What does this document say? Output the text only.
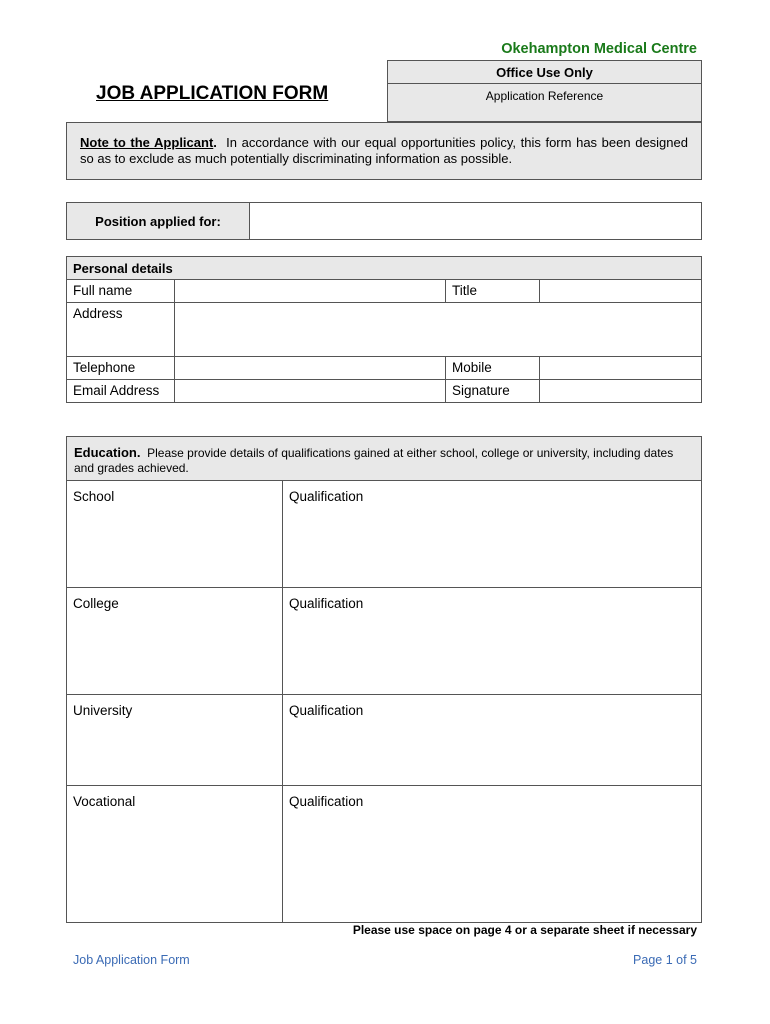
Okehampton Medical Centre
Office Use Only
Application Reference
JOB APPLICATION FORM
Note to the Applicant. In accordance with our equal opportunities policy, this form has been designed so as to exclude as much potentially discriminating information as possible.
Position applied for:
Personal details			
Full name		Title	
Address			
Telephone		Mobile	
Email Address		Signature	
Education. Please provide details of qualifications gained at either school, college or university, including dates and grades achieved.	
School	Qualification
College	Qualification
University	Qualification
Vocational	Qualification
Please use space on page 4 or a separate sheet if necessary
Job Application Form	Page 1 of 5
